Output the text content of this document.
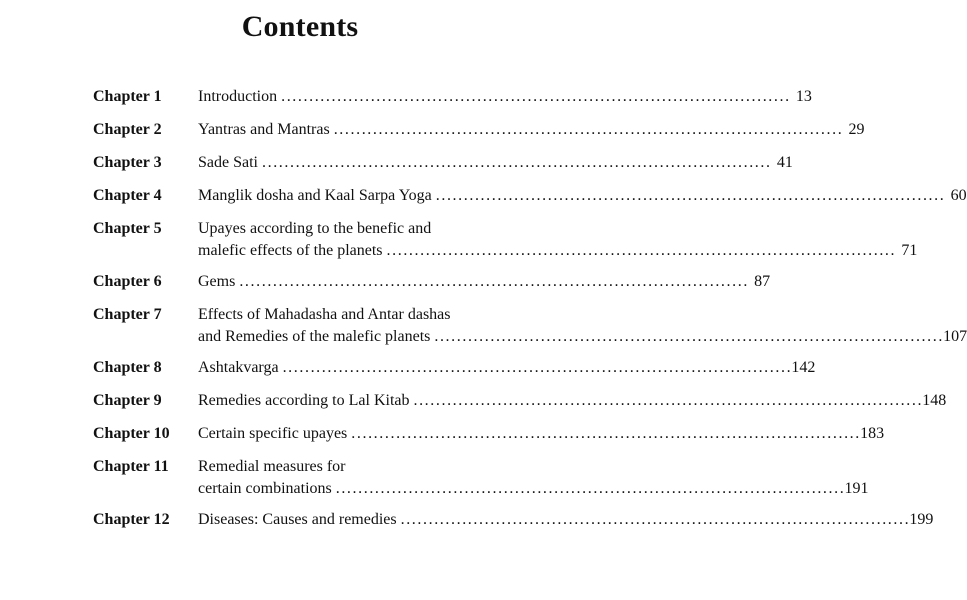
Contents
Chapter 1	Introduction . . .	13
Chapter 2	Yantras and Mantras . . .	29
Chapter 3	Sade Sati . . .	41
Chapter 4	Manglik dosha and Kaal Sarpa Yoga . . .	60
Chapter 5	Upayes according to the benefic and
malefic effects of the planets . . .	71
Chapter 6	Gems . . .	87
Chapter 7	Effects of Mahadasha and Antar dashas
and Remedies of the malefic planets . . .	107
Chapter 8	Ashtakvarga . . .	142
Chapter 9	Remedies according to Lal Kitab . . .	148
Chapter 10	Certain specific upayes . . .	183
Chapter 11	Remedial measures for
certain combinations . . .	191
Chapter 12	Diseases: Causes and remedies . . .	199
